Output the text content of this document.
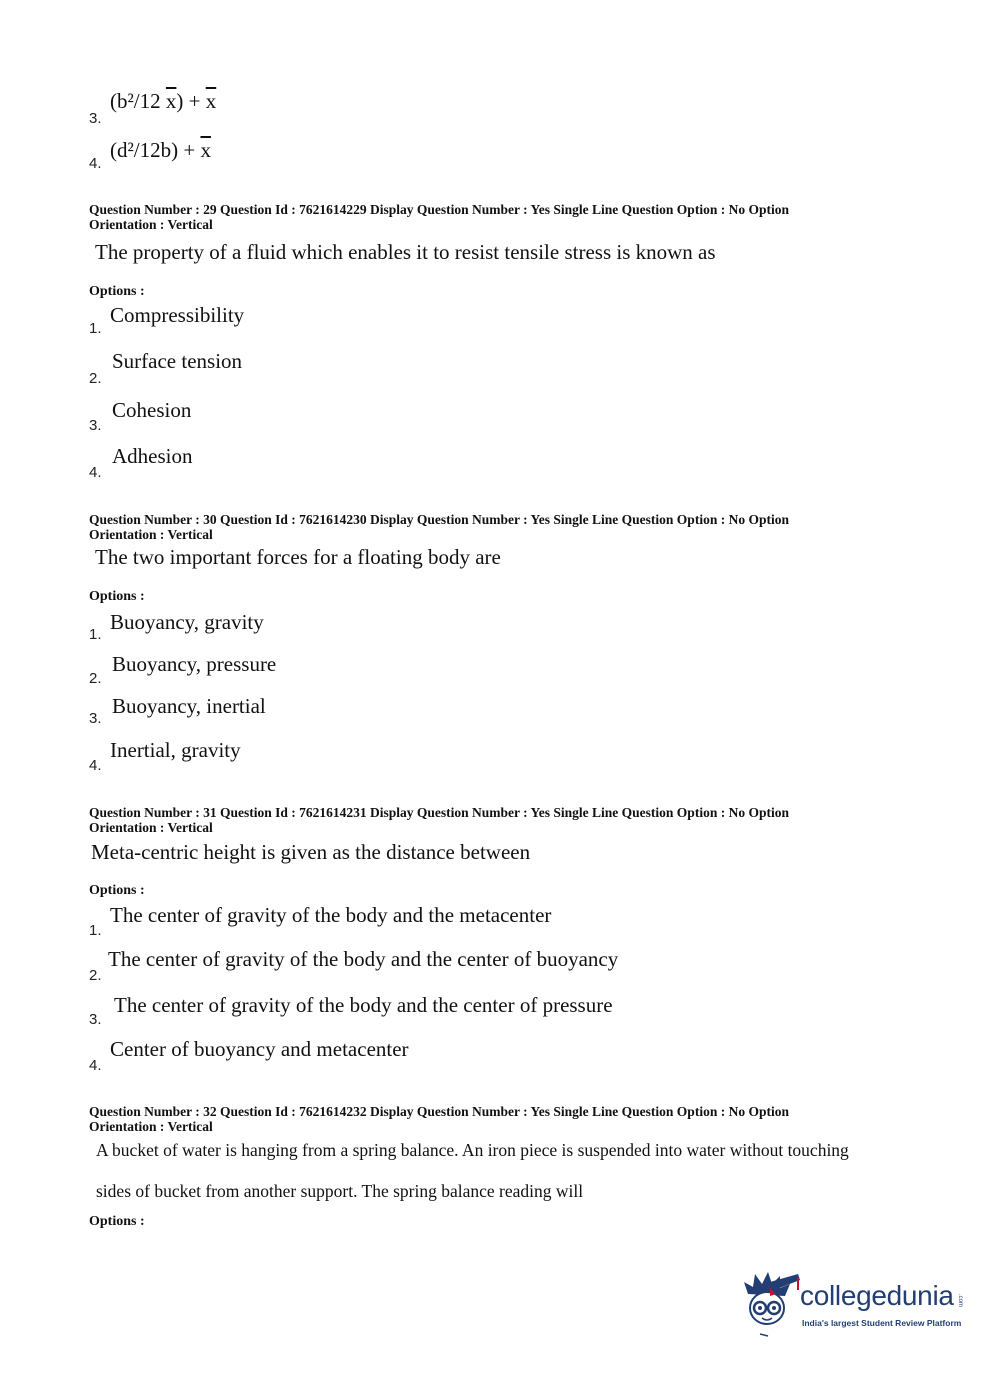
(b²/12 $\overline{x}) + \overline{x}$
3.
$(d^2/12b) + \overline{x}$
4.
Question Number : 29 Question Id : 7621614229 Display Question Number : Yes Single Line Question Option : No Option
Orientation : Vertical
The property of a fluid which enables it to resist tensile stress is known as
Options :
Compressibility
1.
Surface tension
2.
Cohesion
3.
Adhesion
4.
Question Number : 30 Question Id : 7621614230 Display Question Number : Yes Single Line Question Option : No Option
Orientation : Vertical
The two important forces for a floating body are
Options :
Buoyancy, gravity
1.
Buoyancy, pressure
2.
Buoyancy, inertial
3.
Inertial, gravity
4.
Question Number : 31 Question Id : 7621614231 Display Question Number : Yes Single Line Question Option : No Option
Orientation : Vertical
Meta-centric height is given as the distance between
Options :
The center of gravity of the body and the metacenter
1.
The center of gravity of the body and the center of buoyancy
2.
The center of gravity of the body and the center of pressure
3.
Center of buoyancy and metacenter
4.
Question Number : 32 Question Id : 7621614232 Display Question Number : Yes Single Line Question Option : No Option
Orientation : Vertical
A bucket of water is hanging from a spring balance. An iron piece is suspended into water without touching
sides of bucket from another support. The spring balance reading will
Options :
collegedunia .com
India's largest Student Review Platform
